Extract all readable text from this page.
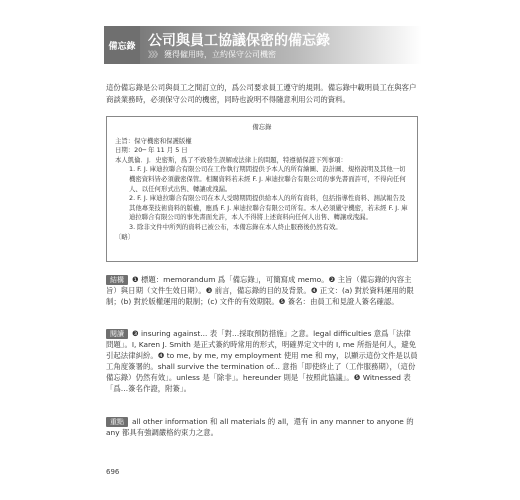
備忘錄 公司與員工協議保密的備忘錄
》》》 獲得僱用時，立約保守公司機密
這份備忘錄是公司與員工之間訂立的，爲公司要求員工遵守的規則。備忘錄中載明員工在與客户商談業務時，必須保守公司的機密，同時也說明不得隨意利用公司的資料。
備忘錄

主旨：保守機密和保護版權

日期：20─ 年 11 月 5 日

本人凱倫．J．史密斯，爲了不致發生誤解或法律上的問題，特遵循保證下列事項：

1. F. J. 庫迪拉聯合有限公司在工作執行期間提供予本人的所有繪圖、設計圖、規格說明及其他一切機密資料皆必須嚴密保管。相關資料若未經 F. J. 庫迪拉聯合有限公司的事先書面許可，不得向任何人、以任何形式出售、轉讓或洩漏。
2. F. J. 庫迪拉聯合有限公司在本人受聘期間提供給本人的所有資料，包括指導性資料、測試報告及其他專業技術資料的版權，應爲 F. J. 庫迪拉聯合有限公司所有。本人必須嚴守機密，若未經 F. J. 庫迪拉聯合有限公司的事先書面允許，本人不得將上述資料向任何人出售、轉讓或洩漏。
3. 除非文件中所列的資料已被公布，本備忘錄在本人終止服務後仍然有效。

〔略〕

結構 ❶ 標題：memorandum 爲「備忘錄」，可簡寫成 memo。❷ 主旨（備忘錄的內容主旨）與日期（文件生效日期）。❸ 前言，備忘錄的目的及背景。❹ 正文：(a) 對於資料運用的限制；(b) 對於版權運用的限制；(c) 文件的有效期限。❺ 簽名：由員工和見證人簽名確認。
閱讀 ❸ insuring against... 表「對…採取預防措施」之意。legal difficulties 意爲「法律問題」。I, Karen J. Smith 是正式簽約時常用的形式，明確界定文中的 I, me 所指是何人，避免引起法律糾紛。❹ to me, by me, my employment 使用 me 和 my，以顯示這份文件是以員工角度簽署的。shall survive the termination of... 意指「即使終止了（工作服務期），（這份備忘錄）仍然有效」。unless 是「除非」。hereunder 則是「按照此協議」。❺ Witnessed 表「爲…簽名作證，附簽」。
重點 all other information 和 all materials 的 all，還有 in any manner to anyone 的 any 都具有強調嚴格約束力之意。
696
